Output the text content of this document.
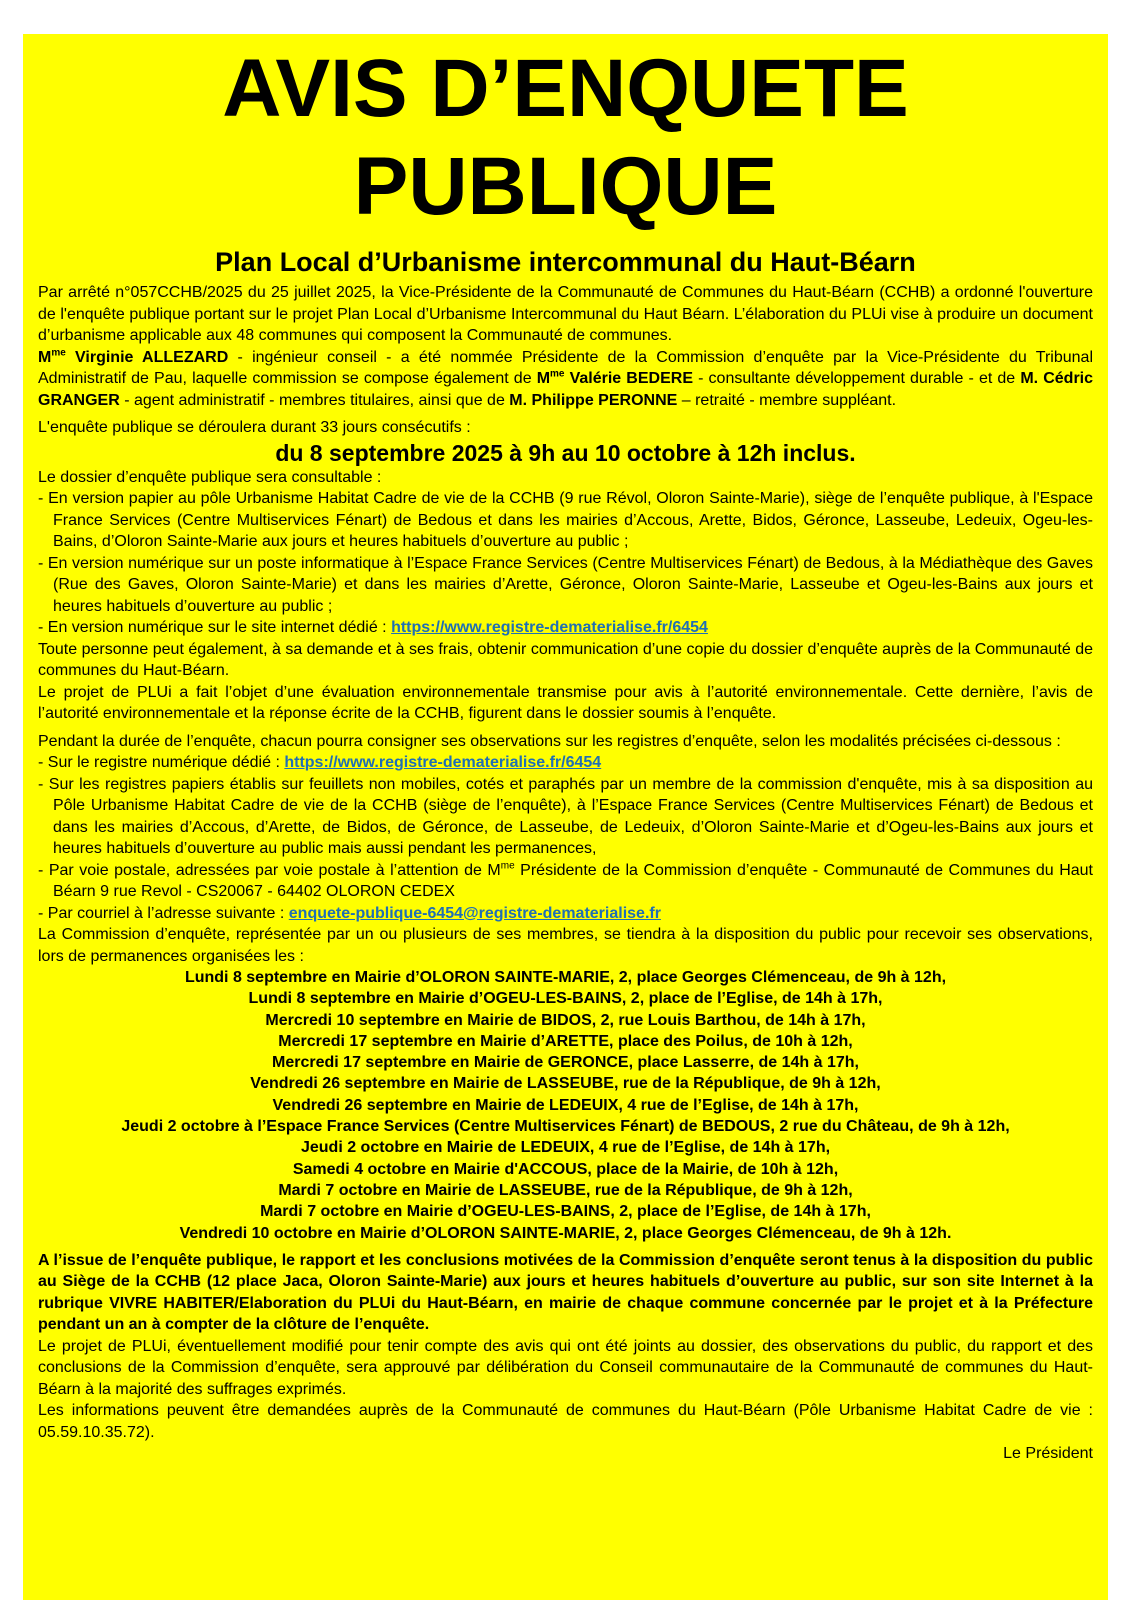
AVIS D’ENQUETE
PUBLIQUE
Plan Local d’Urbanisme intercommunal du Haut-Béarn

Par arrêté n°057CCHB/2025 du 25 juillet 2025, la Vice-Présidente de la Communauté de Communes du Haut-Béarn (CCHB) a ordonné l'ouverture de l'enquête publique portant sur le projet Plan Local d’Urbanisme Intercommunal du Haut Béarn. L’élaboration du PLUi vise à produire un document d’urbanisme applicable aux 48 communes qui composent la Communauté de communes.

$M^{me}$ Virginie ALLEZARD - ingénieur conseil - a été nommée Présidente de la Commission d’enquête par la Vice-Présidente du Tribunal Administratif de Pau, laquelle commission se compose également de $M^{me}$ Valérie BEDERE - consultante développement durable - et de M. Cédric GRANGER - agent administratif - membres titulaires, ainsi que de M. Philippe PERONNE – retraité - membre suppléant.

L'enquête publique se déroulera durant 33 jours consécutifs :

du 8 septembre 2025 à 9h au 10 octobre à 12h inclus.

Le dossier d’enquête publique sera consultable :

- En version papier au pôle Urbanisme Habitat Cadre de vie de la CCHB (9 rue Révol, Oloron Sainte-Marie), siège de l’enquête publique, à l'Espace France Services (Centre Multiservices Fénart) de Bedous et dans les mairies d’Accous, Arette, Bidos, Géronce, Lasseube, Ledeuix, Ogeu-les-Bains, d’Oloron Sainte-Marie aux jours et heures habituels d’ouverture au public ;

- En version numérique sur un poste informatique à l’Espace France Services (Centre Multiservices Fénart) de Bedous, à la Médiathèque des Gaves (Rue des Gaves, Oloron Sainte-Marie) et dans les mairies d’Arette, Géronce, Oloron Sainte-Marie, Lasseube et Ogeu-les-Bains aux jours et heures habituels d’ouverture au public ;

- En version numérique sur le site internet dédié : https://www.registre-dematerialise.fr/6454

Toute personne peut également, à sa demande et à ses frais, obtenir communication d’une copie du dossier d’enquête auprès de la Communauté de communes du Haut-Béarn.

Le projet de PLUi a fait l’objet d’une évaluation environnementale transmise pour avis à l’autorité environnementale. Cette dernière, l’avis de l’autorité environnementale et la réponse écrite de la CCHB, figurent dans le dossier soumis à l’enquête.

Pendant la durée de l’enquête, chacun pourra consigner ses observations sur les registres d’enquête, selon les modalités précisées ci-dessous :

- Sur le registre numérique dédié : https://www.registre-dematerialise.fr/6454

- Sur les registres papiers établis sur feuillets non mobiles, cotés et paraphés par un membre de la commission d'enquête, mis à sa disposition au Pôle Urbanisme Habitat Cadre de vie de la CCHB (siège de l’enquête), à l’Espace France Services (Centre Multiservices Fénart) de Bedous et dans les mairies d’Accous, d’Arette, de Bidos, de Géronce, de Lasseube, de Ledeuix, d’Oloron Sainte-Marie et d’Ogeu-les-Bains aux jours et heures habituels d’ouverture au public mais aussi pendant les permanences,

- Par voie postale, adressées par voie postale à l’attention de $M^{me}$ Présidente de la Commission d’enquête - Communauté de Communes du Haut Béarn 9 rue Revol - CS20067 - 64402 OLORON CEDEX

- Par courriel à l’adresse suivante : enquete-publique-6454@registre-dematerialise.fr

La Commission d’enquête, représentée par un ou plusieurs de ses membres, se tiendra à la disposition du public pour recevoir ses observations, lors de permanences organisées les :

Lundi 8 septembre en Mairie d’OLORON SAINTE-MARIE, 2, place Georges Clémenceau, de 9h à 12h,
Lundi 8 septembre en Mairie d’OGEU-LES-BAINS, 2, place de l’Eglise, de 14h à 17h,
Mercredi 10 septembre en Mairie de BIDOS, 2, rue Louis Barthou, de 14h à 17h,
Mercredi 17 septembre en Mairie d’ARETTE, place des Poilus, de 10h à 12h,
Mercredi 17 septembre en Mairie de GERONCE, place Lasserre, de 14h à 17h,
Vendredi 26 septembre en Mairie de LASSEUBE, rue de la République, de 9h à 12h,
Vendredi 26 septembre en Mairie de LEDEUIX, 4 rue de l’Eglise, de 14h à 17h,
Jeudi 2 octobre à l’Espace France Services (Centre Multiservices Fénart) de BEDOUS, 2 rue du Château, de 9h à 12h,
Jeudi 2 octobre en Mairie de LEDEUIX, 4 rue de l’Eglise, de 14h à 17h,
Samedi 4 octobre en Mairie d'ACCOUS, place de la Mairie, de 10h à 12h,
Mardi 7 octobre en Mairie de LASSEUBE, rue de la République, de 9h à 12h,
Mardi 7 octobre en Mairie d’OGEU-LES-BAINS, 2, place de l’Eglise, de 14h à 17h,
Vendredi 10 octobre en Mairie d’OLORON SAINTE-MARIE, 2, place Georges Clémenceau, de 9h à 12h.

A l’issue de l’enquête publique, le rapport et les conclusions motivées de la Commission d’enquête seront tenus à la disposition du public au Siège de la CCHB (12 place Jaca, Oloron Sainte-Marie) aux jours et heures habituels d’ouverture au public, sur son site Internet à la rubrique VIVRE HABITER/Elaboration du PLUi du Haut-Béarn, en mairie de chaque commune concernée par le projet et à la Préfecture pendant un an à compter de la clôture de l’enquête.

Le projet de PLUi, éventuellement modifié pour tenir compte des avis qui ont été joints au dossier, des observations du public, du rapport et des conclusions de la Commission d’enquête, sera approuvé par délibération du Conseil communautaire de la Communauté de communes du Haut-Béarn à la majorité des suffrages exprimés.

Les informations peuvent être demandées auprès de la Communauté de communes du Haut-Béarn (Pôle Urbanisme Habitat Cadre de vie : 05.59.10.35.72).

Le Président
